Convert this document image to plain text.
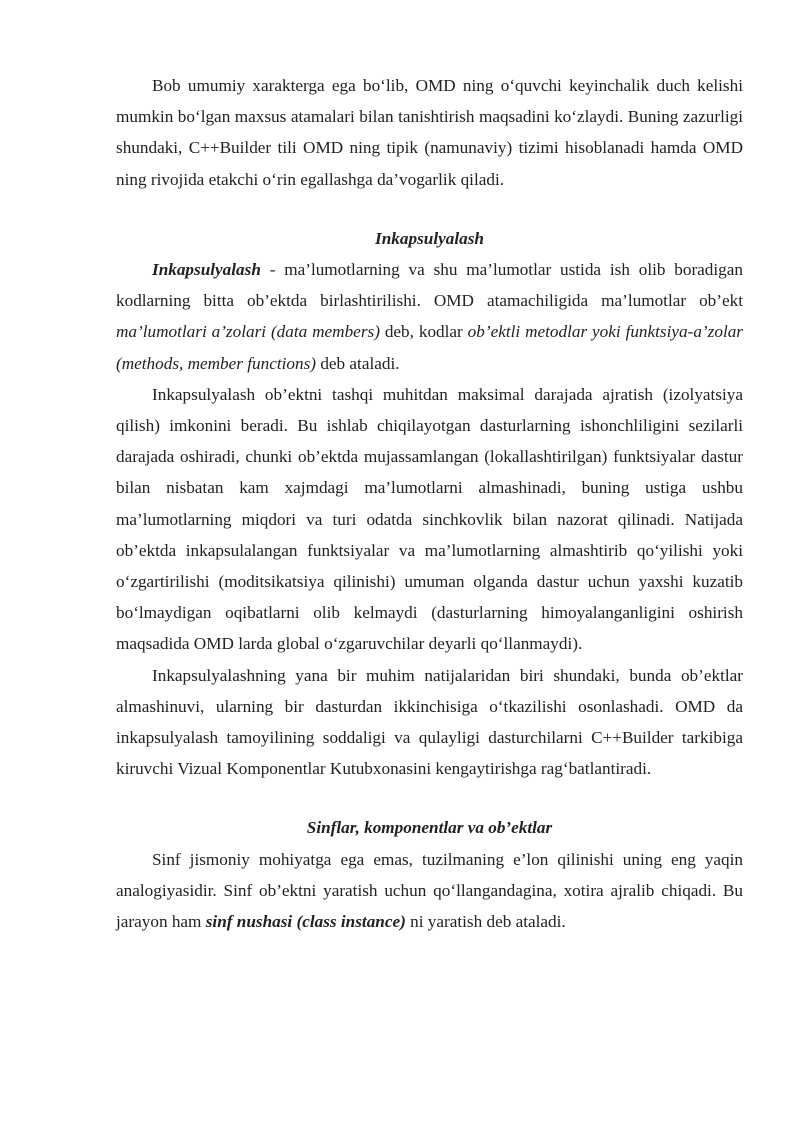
Bob umumiy xarakterga ega bo‘lib, OMD ning o‘quvchi keyinchalik duch kelishi mumkin bo‘lgan maxsus atamalari bilan tanishtirish maqsadini ko‘zlaydi. Buning zazurligi shundaki, C++Builder tili OMD ning tipik (namunaviy) tizimi hisoblanadi hamda OMD ning rivojida etakchi o‘rin egallashga da’vogarlik qiladi.

Inkapsulyalash

Inkapsulyalash - ma’lumotlarning va shu ma’lumotlar ustida ish olib boradigan kodlarning bitta ob’ektda birlashtirilishi. OMD atamachiligida ma’lumotlar ob’ekt ma’lumotlari a’zolari (data members) deb, kodlar ob’ektli metodlar yoki funktsiya-a’zolar (methods, member functions) deb ataladi.

Inkapsulyalash ob’ektni tashqi muhitdan maksimal darajada ajratish (izolyatsiya qilish) imkonini beradi. Bu ishlab chiqilayotgan dasturlarning ishonchliligini sezilarli darajada oshiradi, chunki ob’ektda mujassamlangan (lokallashtirilgan) funktsiyalar dastur bilan nisbatan kam xajmdagi ma’lumotlarni almashinadi, buning ustiga ushbu ma’lumotlarning miqdori va turi odatda sinchkovlik bilan nazorat qilinadi. Natijada ob’ektda inkapsulalangan funktsiyalar va ma’lumotlarning almashtirib qo‘yilishi yoki o‘zgartirilishi (moditsikatsiya qilinishi) umuman olganda dastur uchun yaxshi kuzatib bo‘lmaydigan oqibatlarni olib kelmaydi (dasturlarning himoyalanganligini oshirish maqsadida OMD larda global o‘zgaruvchilar deyarli qo‘llanmaydi).

Inkapsulyalashning yana bir muhim natijalaridan biri shundaki, bunda ob’ektlar almashinuvi, ularning bir dasturdan ikkinchisiga o‘tkazilishi osonlashadi. OMD da inkapsulyalash tamoyilining soddaligi va qulayligi dasturchilarni C++Builder tarkibiga kiruvchi Vizual Komponentlar Kutubxonasini kengaytirishga rag‘batlantiradi.

Sinflar, komponentlar va ob’ektlar

Sinf jismoniy mohiyatga ega emas, tuzilmaning e’lon qilinishi uning eng yaqin analogiyasidir. Sinf ob’ektni yaratish uchun qo‘llangandagina, xotira ajralib chiqadi. Bu jarayon ham sinf nushasi (class instance) ni yaratish deb ataladi.
